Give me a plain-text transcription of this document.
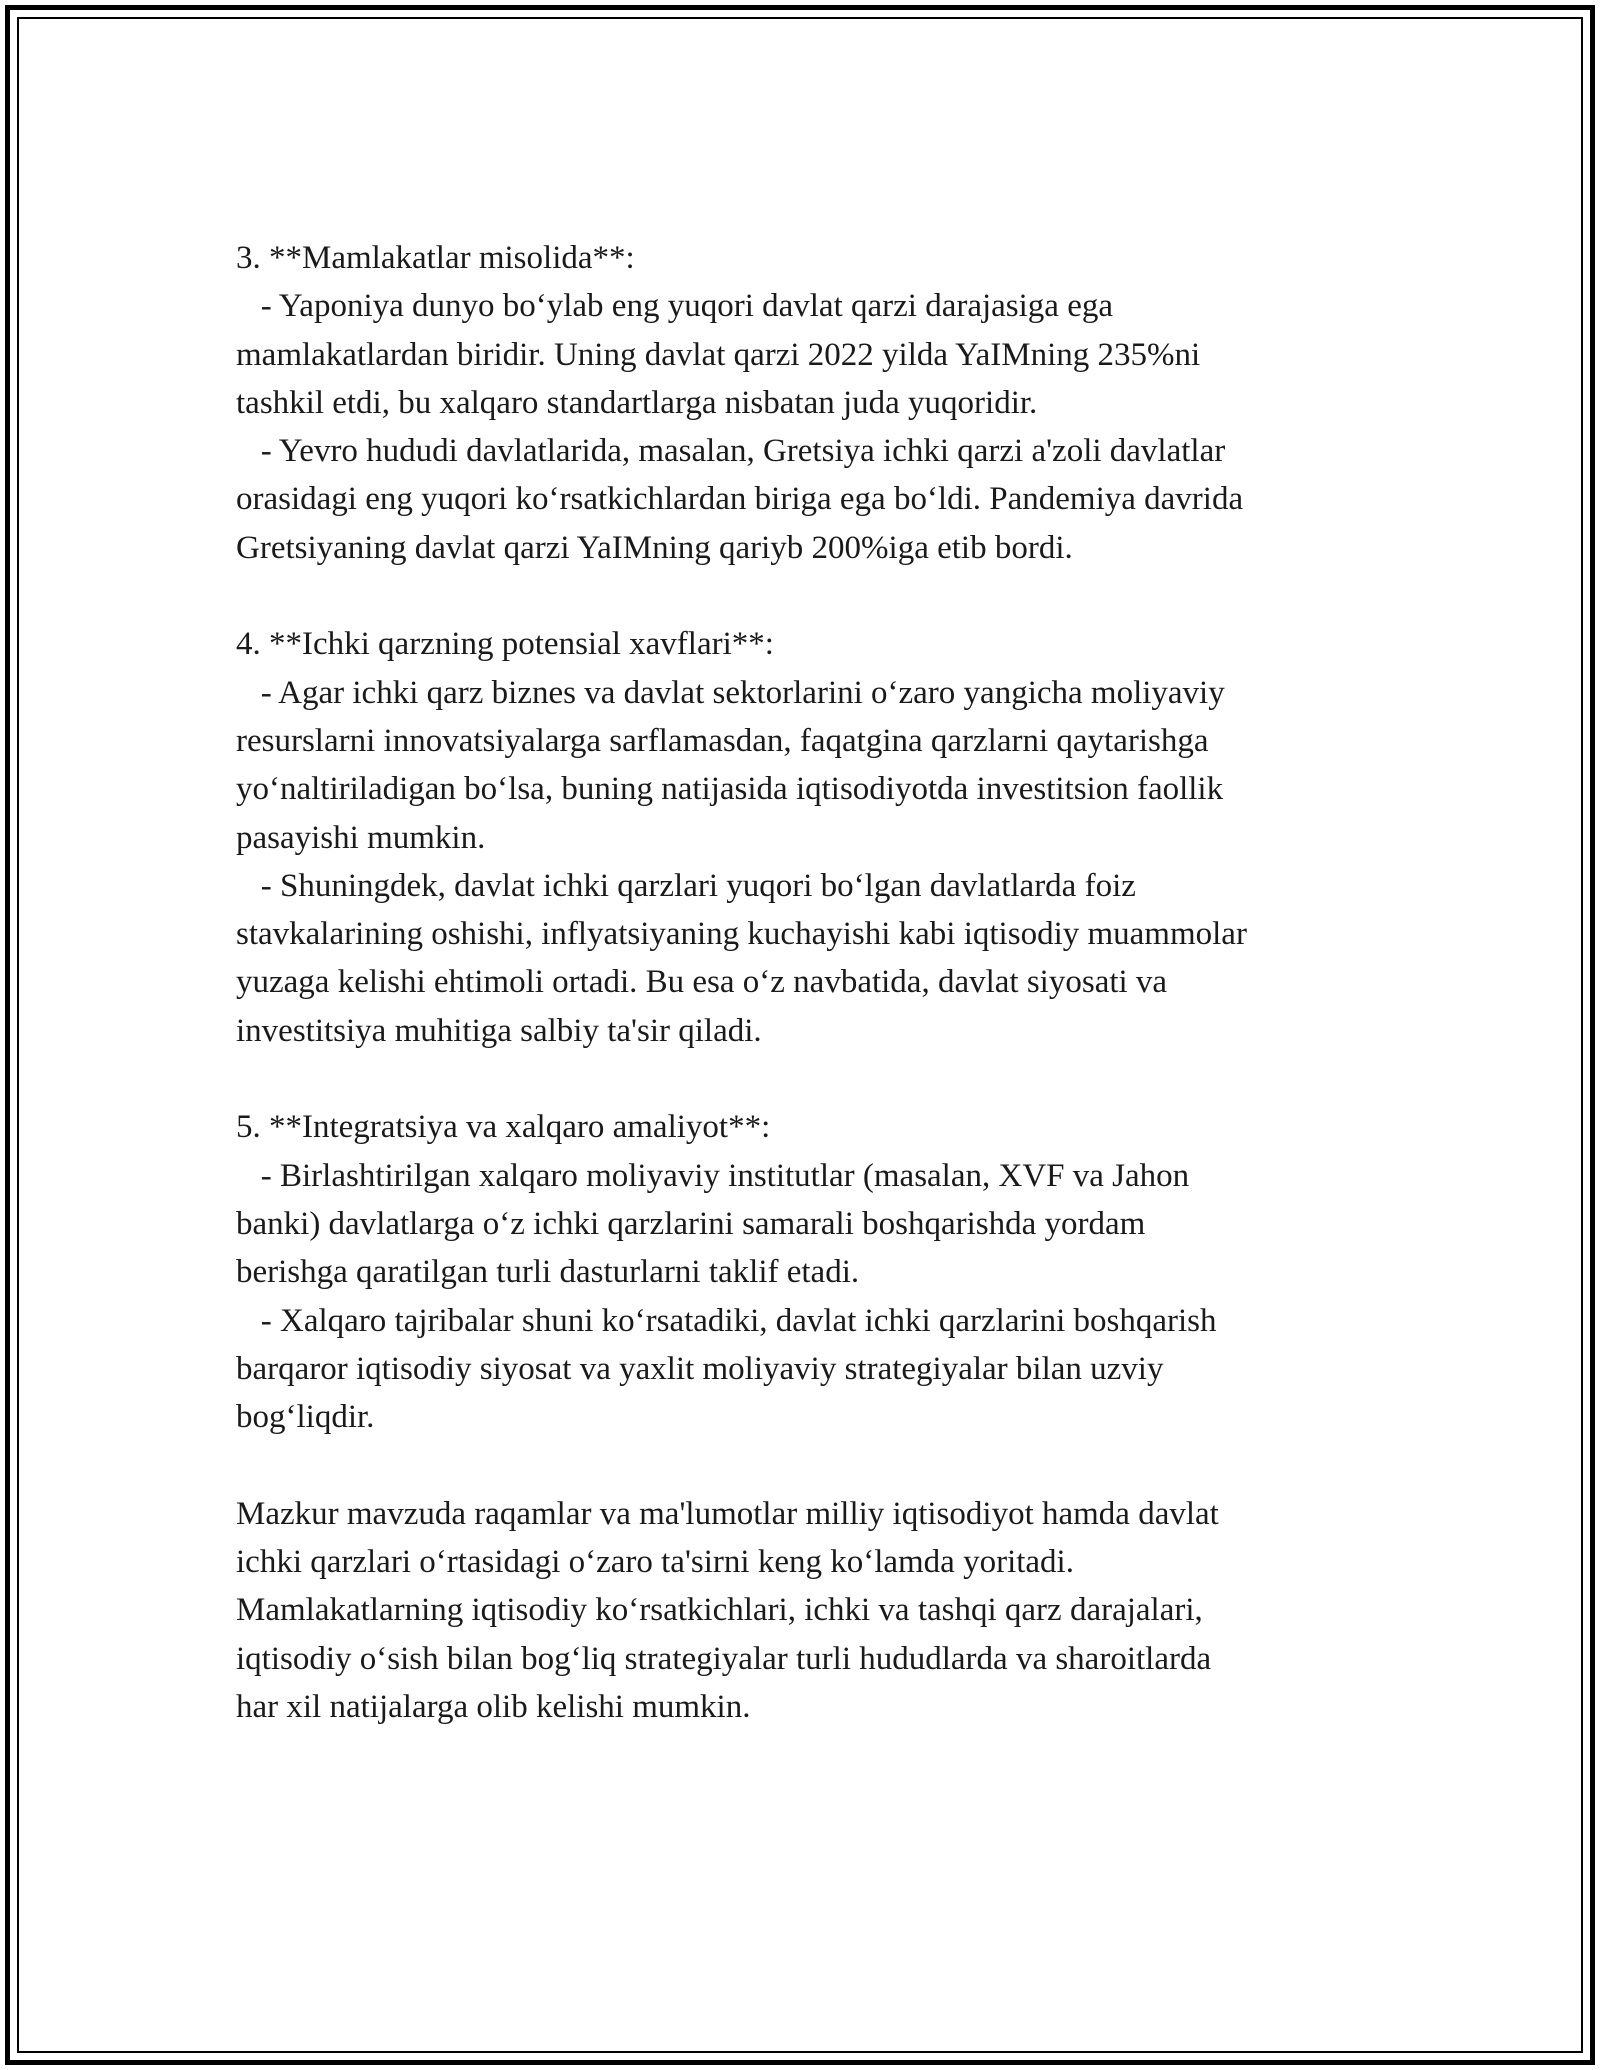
3. **Mamlakatlar misolida**:
- Yaponiya dunyo bo‘ylab eng yuqori davlat qarzi darajasiga ega
mamlakatlardan biridir. Uning davlat qarzi 2022 yilda YaIMning 235%ni
tashkil etdi, bu xalqaro standartlarga nisbatan juda yuqoridir.
- Yevro hududi davlatlarida, masalan, Gretsiya ichki qarzi a'zoli davlatlar
orasidagi eng yuqori ko‘rsatkichlardan biriga ega bo‘ldi. Pandemiya davrida
Gretsiyaning davlat qarzi YaIMning qariyb 200%iga etib bordi.
4. **Ichki qarzning potensial xavflari**:
- Agar ichki qarz biznes va davlat sektorlarini o‘zaro yangicha moliyaviy
resurslarni innovatsiyalarga sarflamasdan, faqatgina qarzlarni qaytarishga
yo‘naltiriladigan bo‘lsa, buning natijasida iqtisodiyotda investitsion faollik
pasayishi mumkin.
- Shuningdek, davlat ichki qarzlari yuqori bo‘lgan davlatlarda foiz
stavkalarining oshishi, inflyatsiyaning kuchayishi kabi iqtisodiy muammolar
yuzaga kelishi ehtimoli ortadi. Bu esa o‘z navbatida, davlat siyosati va
investitsiya muhitiga salbiy ta'sir qiladi.
5. **Integratsiya va xalqaro amaliyot**:
- Birlashtirilgan xalqaro moliyaviy institutlar (masalan, XVF va Jahon
banki) davlatlarga o‘z ichki qarzlarini samarali boshqarishda yordam
berishga qaratilgan turli dasturlarni taklif etadi.
- Xalqaro tajribalar shuni ko‘rsatadiki, davlat ichki qarzlarini boshqarish
barqaror iqtisodiy siyosat va yaxlit moliyaviy strategiyalar bilan uzviy
bog‘liqdir.
Mazkur mavzuda raqamlar va ma'lumotlar milliy iqtisodiyot hamda davlat
ichki qarzlari o‘rtasidagi o‘zaro ta'sirni keng ko‘lamda yoritadi.
Mamlakatlarning iqtisodiy ko‘rsatkichlari, ichki va tashqi qarz darajalari,
iqtisodiy o‘sish bilan bog‘liq strategiyalar turli hududlarda va sharoitlarda
har xil natijalarga olib kelishi mumkin.
